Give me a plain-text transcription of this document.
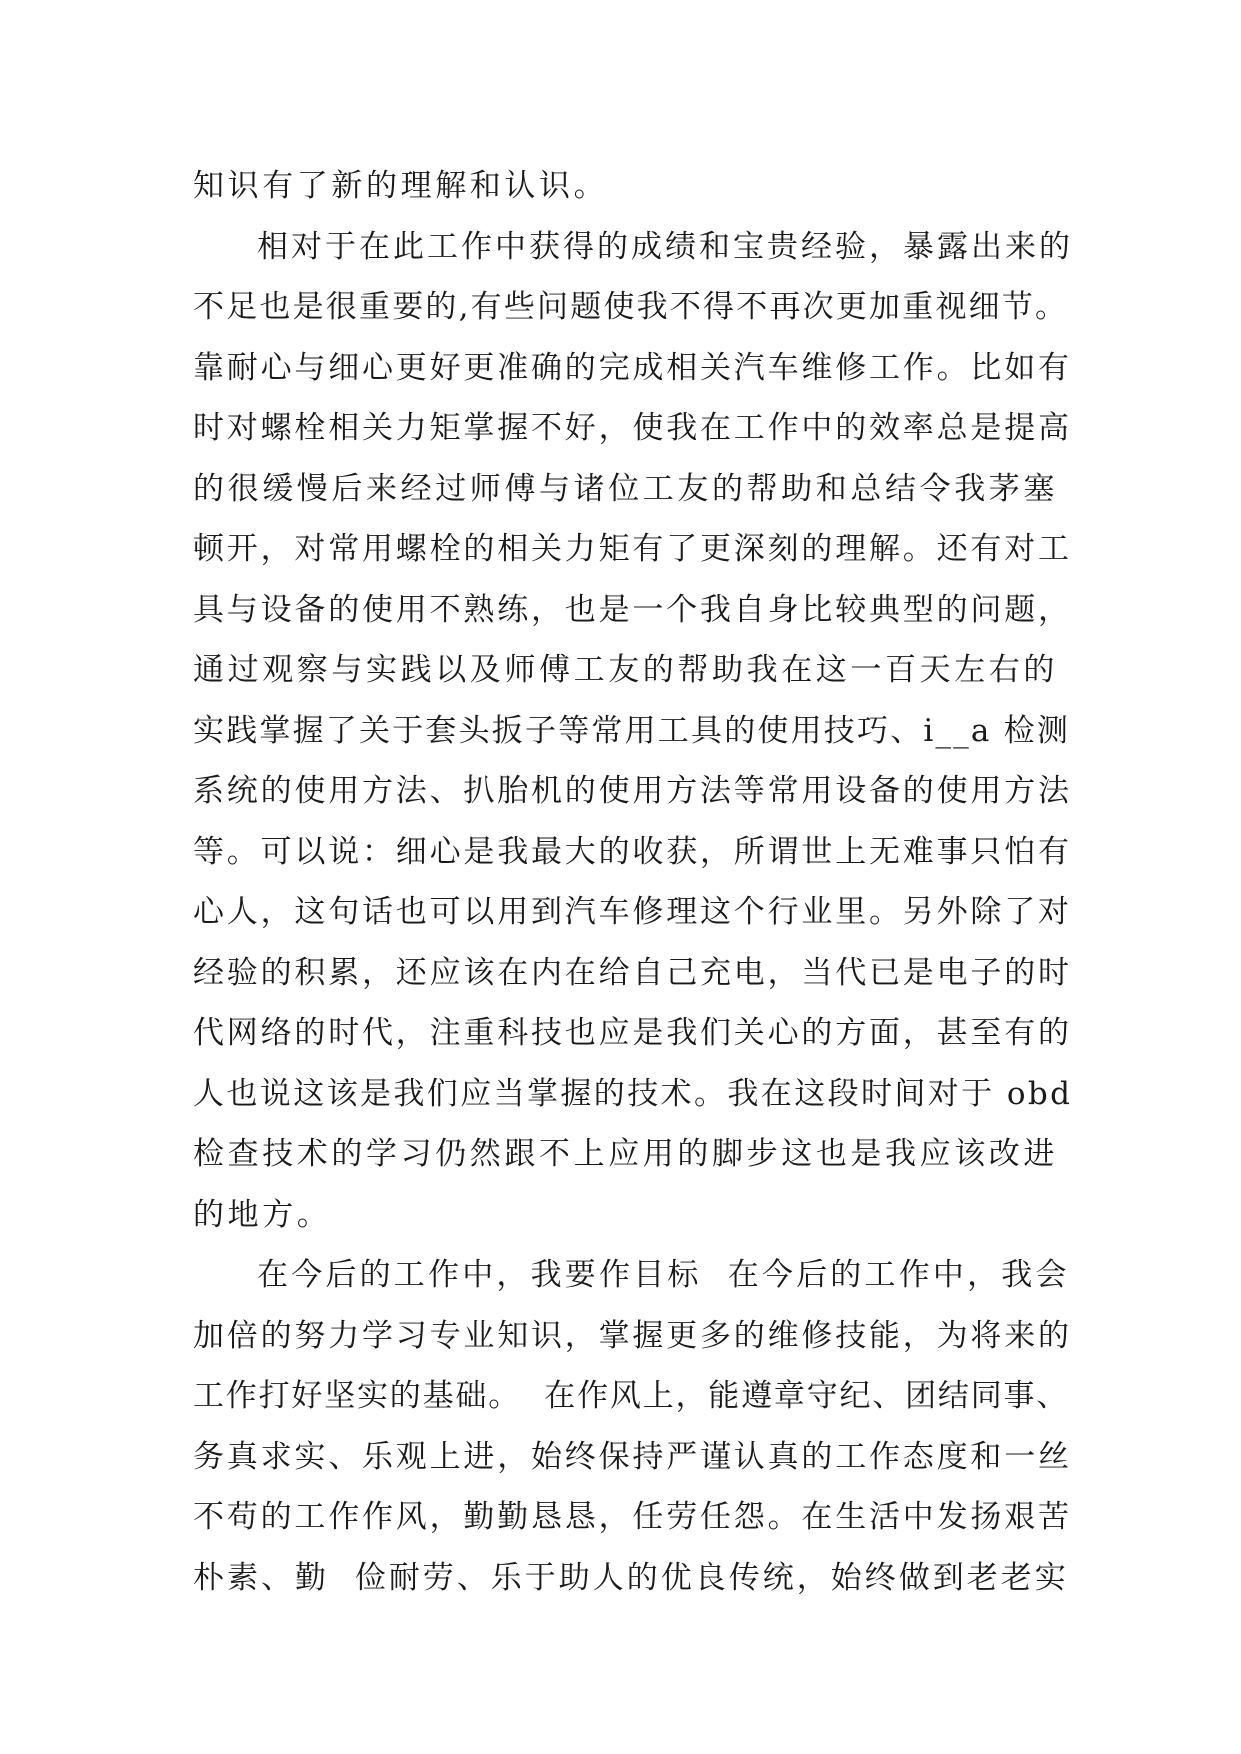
知识有了新的理解和认识。
相对于在此工作中获得的成绩和宝贵经验，暴露出来的
不足也是很重要的,有些问题使我不得不再次更加重视细节。
靠耐心与细心更好更准确的完成相关汽车维修工作。比如有
时对螺栓相关力矩掌握不好，使我在工作中的效率总是提高
的很缓慢后来经过师傅与诸位工友的帮助和总结令我茅塞
顿开，对常用螺栓的相关力矩有了更深刻的理解。还有对工
具与设备的使用不熟练，也是一个我自身比较典型的问题，
通过观察与实践以及师傅工友的帮助我在这一百天左右的
实践掌握了关于套头扳子等常用工具的使用技巧、i__a 检测
系统的使用方法、扒胎机的使用方法等常用设备的使用方法
等。可以说：细心是我最大的收获，所谓世上无难事只怕有
心人，这句话也可以用到汽车修理这个行业里。另外除了对
经验的积累，还应该在内在给自己充电，当代已是电子的时
代网络的时代，注重科技也应是我们关心的方面，甚至有的
人也说这该是我们应当掌握的技术。我在这段时间对于 obd
检查技术的学习仍然跟不上应用的脚步这也是我应该改进
的地方。
在今后的工作中，我要作目标  在今后的工作中，我会
加倍的努力学习专业知识，掌握更多的维修技能，为将来的
工作打好坚实的基础。  在作风上，能遵章守纪、团结同事、
务真求实、乐观上进，始终保持严谨认真的工作态度和一丝
不苟的工作作风，勤勤恳恳，任劳任怨。在生活中发扬艰苦
朴素、勤  俭耐劳、乐于助人的优良传统，始终做到老老实
